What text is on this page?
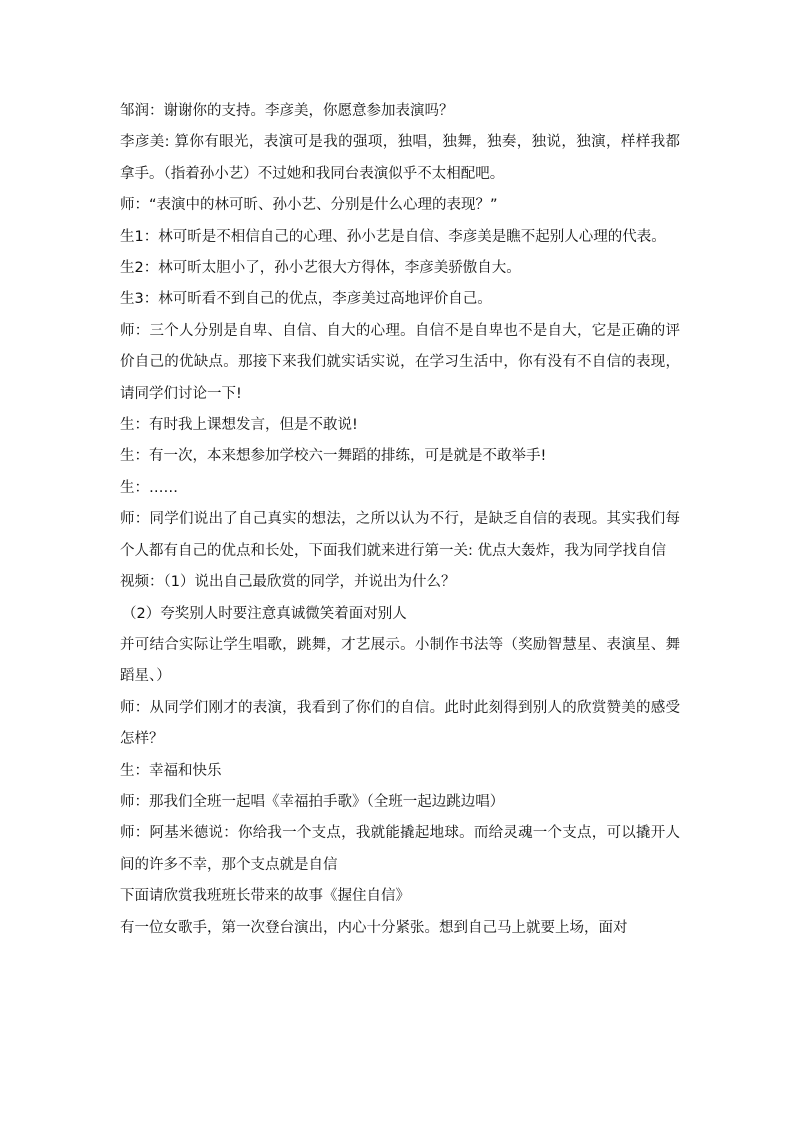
邹润：谢谢你的支持。李彦美，你愿意参加表演吗？

李彦美: 算你有眼光，表演可是我的强项，独唱，独舞，独奏，独说，独演，样样我都拿手。（指着孙小艺）不过她和我同台表演似乎不太相配吧。

师：“表演中的林可昕、孙小艺、分别是什么心理的表现？”

生1：林可昕是不相信自己的心理、孙小艺是自信、李彦美是瞧不起别人心理的代表。

生2：林可昕太胆小了，孙小艺很大方得体，李彦美骄傲自大。

生3：林可昕看不到自己的优点，李彦美过高地评价自己。

师：三个人分别是自卑、自信、自大的心理。自信不是自卑也不是自大，它是正确的评价自己的优缺点。那接下来我们就实话实说，在学习生活中，你有没有不自信的表现，请同学们讨论一下!

生：有时我上课想发言，但是不敢说!

生：有一次，本来想参加学校六一舞蹈的排练，可是就是不敢举手!

生：……

师：同学们说出了自己真实的想法，之所以认为不行，是缺乏自信的表现。其实我们每个人都有自己的优点和长处，下面我们就来进行第一关: 优点大轰炸，我为同学找自信

视频：（1）说出自己最欣赏的同学，并说出为什么？

（2）夸奖别人时要注意真诚微笑着面对别人

并可结合实际让学生唱歌，跳舞，才艺展示。小制作书法等（奖励智慧星、表演星、舞蹈星、）

师：从同学们刚才的表演，我看到了你们的自信。此时此刻得到别人的欣赏赞美的感受怎样？

生：幸福和快乐

师：那我们全班一起唱《幸福拍手歌》（全班一起边跳边唱）

师：阿基米德说：你给我一个支点，我就能撬起地球。而给灵魂一个支点，可以撬开人间的许多不幸，那个支点就是自信

下面请欣赏我班班长带来的故事《握住自信》

有一位女歌手，第一次登台演出，内心十分紧张。想到自己马上就要上场，面对
